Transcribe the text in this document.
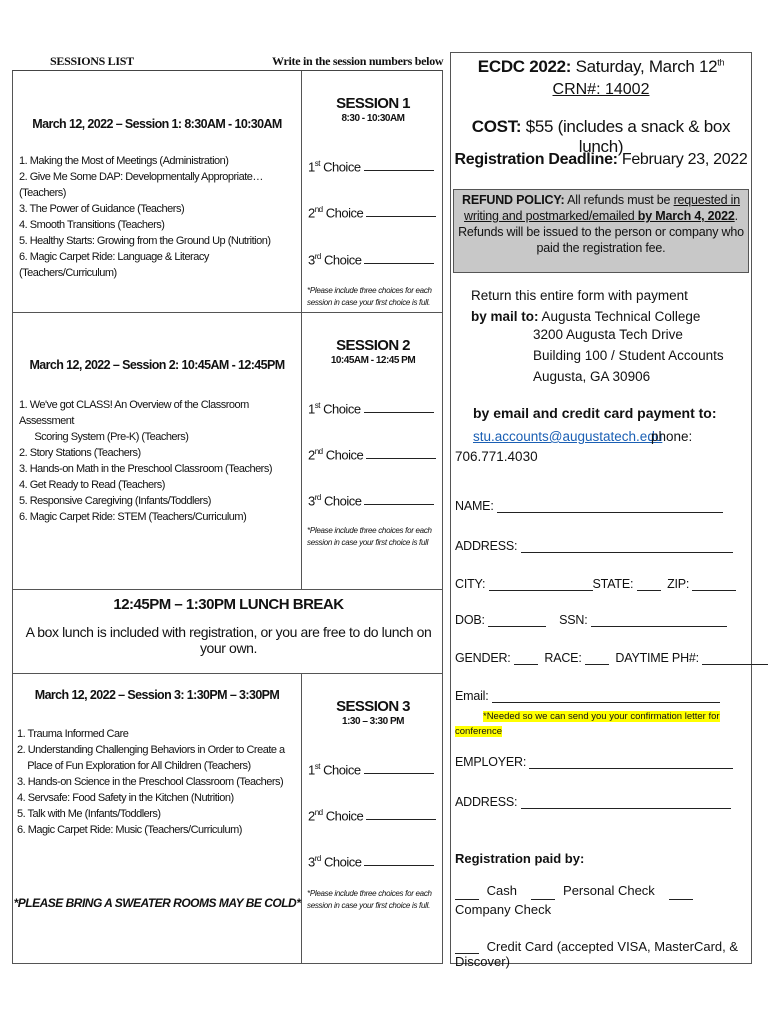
SESSIONS LIST	Write in the session numbers below
March 12, 2022 – Session 1: 8:30AM - 10:30AM
1. Making the Most of Meetings (Administration)
2. Give Me Some DAP: Developmentally Appropriate… (Teachers)
3. The Power of Guidance (Teachers)
4. Smooth Transitions (Teachers)
5. Healthy Starts: Growing from the Ground Up (Nutrition)
6. Magic Carpet Ride: Language & Literacy (Teachers/Curriculum)
SESSION 1
8:30 - 10:30AM
1st Choice
2nd Choice
3rd Choice
*Please include three choices for each session in case your first choice is full.
March 12, 2022 – Session 2: 10:45AM - 12:45PM
1. We've got CLASS! An Overview of the Classroom Assessment
Scoring System (Pre-K) (Teachers)
2. Story Stations (Teachers)
3. Hands-on Math in the Preschool Classroom (Teachers)
4. Get Ready to Read (Teachers)
5. Responsive Caregiving (Infants/Toddlers)
6. Magic Carpet Ride: STEM (Teachers/Curriculum)
SESSION 2
10:45AM - 12:45 PM
1st Choice
2nd Choice
3rd Choice
*Please include three choices for each session in case your first choice is full
12:45PM – 1:30PM LUNCH BREAK
A box lunch is included with registration, or you are free to do lunch on your own.
March 12, 2022 – Session 3: 1:30PM – 3:30PM
1. Trauma Informed Care
2. Understanding Challenging Behaviors in Order to Create a
Place of Fun Exploration for All Children (Teachers)
3. Hands-on Science in the Preschool Classroom (Teachers)
4. Servsafe: Food Safety in the Kitchen (Nutrition)
5. Talk with Me (Infants/Toddlers)
6. Magic Carpet Ride: Music (Teachers/Curriculum)
*PLEASE BRING A SWEATER ROOMS MAY BE COLD*
SESSION 3
1:30 – 3:30 PM
1st Choice
2nd Choice
3rd Choice
*Please include three choices for each session in case your first choice is full.
ECDC 2022: Saturday, March 12th
CRN#: 14002
COST: $55 (includes a snack & box lunch)
Registration Deadline: February 23, 2022
REFUND POLICY: All refunds must be requested in writing and postmarked/emailed by March 4, 2022. Refunds will be issued to the person or company who paid the registration fee.
Return this entire form with payment
by mail to: Augusta Technical College
3200 Augusta Tech Drive
Building 100 / Student Accounts
Augusta, GA 30906
by email and credit card payment to:
stu.accounts@augustatech.edu
phone:
706.771.4030
NAME:
ADDRESS:
CITY:	STATE:	ZIP:
DOB:	SSN:
GENDER:	RACE:	DAYTIME PH#:
Email:
*Needed so we can send you your confirmation letter for conference
EMPLOYER:
ADDRESS:
Registration paid by:
Cash	Personal Check     Company Check
Credit Card (accepted VISA, MasterCard, & Discover)
